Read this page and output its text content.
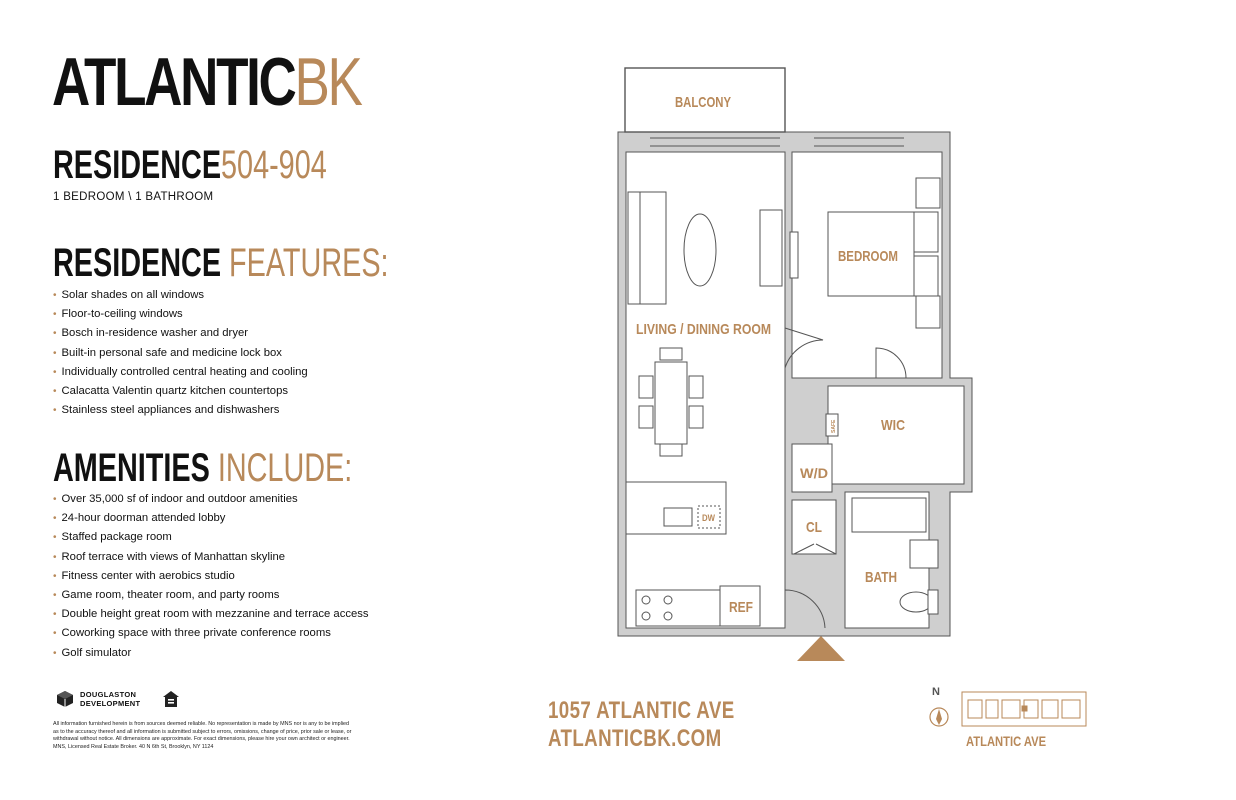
ATLANTICBK
RESIDENCE504-904
1 BEDROOM \ 1 BATHROOM
RESIDENCE FEATURES:
• Solar shades on all windows
• Floor-to-ceiling windows
• Bosch in-residence washer and dryer
• Built-in personal safe and medicine lock box
• Individually controlled central heating and cooling
• Calacatta Valentin quartz kitchen countertops
• Stainless steel appliances and dishwashers
AMENITIES INCLUDE:
• Over 35,000 sf of indoor and outdoor amenities
• 24-hour doorman attended lobby
• Staffed package room
• Roof terrace with views of Manhattan skyline
• Fitness center with aerobics studio
• Game room, theater room, and party rooms
• Double height great room with mezzanine and terrace access
• Coworking space with three private conference rooms
• Golf simulator
DOUGLASTON
DEVELOPMENT
All information furnished herein is from sources deemed reliable. No representation is made by MNS nor is any to be implied as to the accuracy thereof and all information is submitted subject to errors, omissions, change of price, prior sale or lease, or withdrawal without notice. All dimensions are approximate. For exact dimensions, please hire your own architect or engineer. MNS, Licensed Real Estate Broker. 40 N 6th St, Brooklyn, NY 1124
BALCONY
LIVING / DINING ROOM
BEDROOM
WIC
W/D
CL
BATH
REF
DW
SAFE
N
ATLANTIC AVE
1057 ATLANTIC AVE
ATLANTICBK.COM
